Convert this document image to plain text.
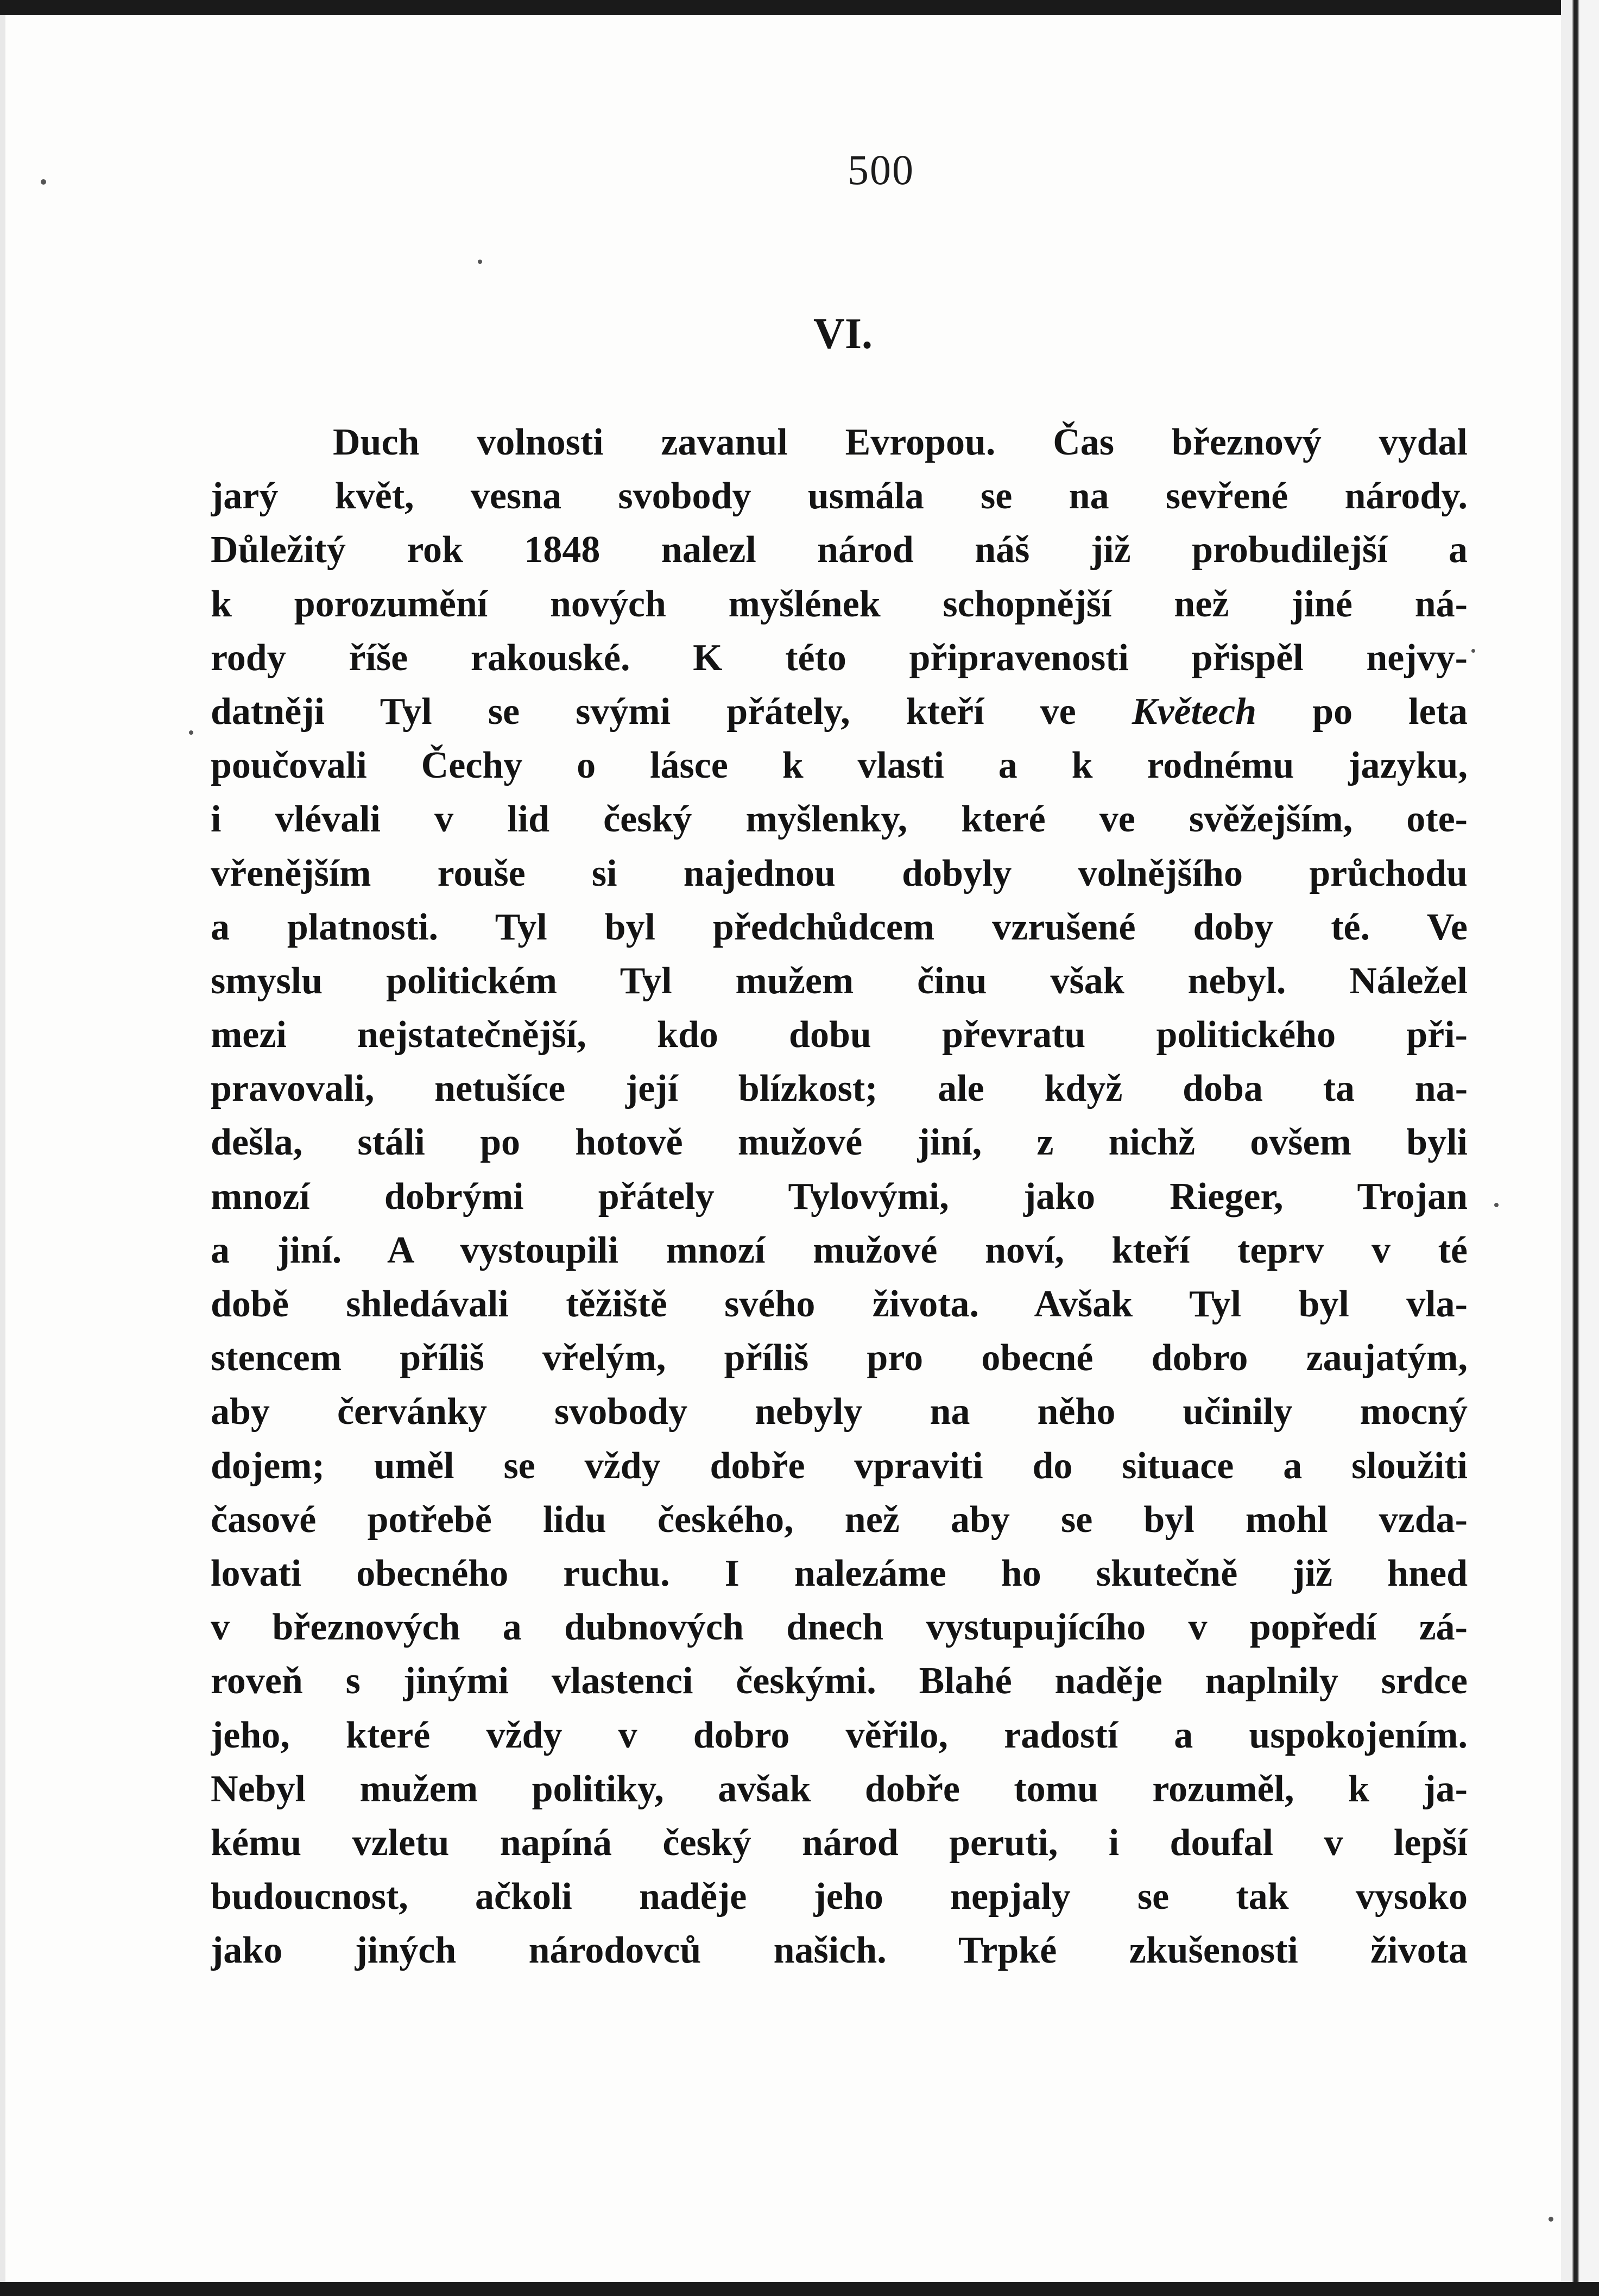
500
VI.
Duch volnosti zavanul Evropou. Čas březnový vydal
jarý květ, vesna svobody usmála se na sevřené národy.
Důležitý rok 1848 nalezl národ náš již probudilejší a
k porozumění nových myšlének schopnější než jiné ná-
rody říše rakouské. K této připravenosti přispěl nejvy-
datněji Tyl se svými přátely, kteří ve Květech po leta
poučovali Čechy o lásce k vlasti a k rodnému jazyku,
i vlévali v lid český myšlenky, které ve svěžejším, ote-
vřenějším rouše si najednou dobyly volnějšího průchodu
a platnosti. Tyl byl předchůdcem vzrušené doby té. Ve
smyslu politickém Tyl mužem činu však nebyl. Náležel
mezi nejstatečnější, kdo dobu převratu politického při-
pravovali, netušíce její blízkost; ale když doba ta na-
dešla, stáli po hotově mužové jiní, z nichž ovšem byli
mnozí dobrými přátely Tylovými, jako Rieger, Trojan
a jiní. A vystoupili mnozí mužové noví, kteří teprv v té
době shledávali těžiště svého života. Avšak Tyl byl vla-
stencem příliš vřelým, příliš pro obecné dobro zaujatým,
aby červánky svobody nebyly na něho učinily mocný
dojem; uměl se vždy dobře vpraviti do situace a sloužiti
časové potřebě lidu českého, než aby se byl mohl vzda-
lovati obecného ruchu. I nalezáme ho skutečně již hned
v březnových a dubnových dnech vystupujícího v popředí zá-
roveň s jinými vlastenci českými. Blahé naděje naplnily srdce
jeho, které vždy v dobro věřilo, radostí a uspokojením.
Nebyl mužem politiky, avšak dobře tomu rozuměl, k ja-
kému vzletu napíná český národ peruti, i doufal v lepší
budoucnost, ačkoli naděje jeho nepjaly se tak vysoko
jako jiných národovců našich. Trpké zkušenosti života
